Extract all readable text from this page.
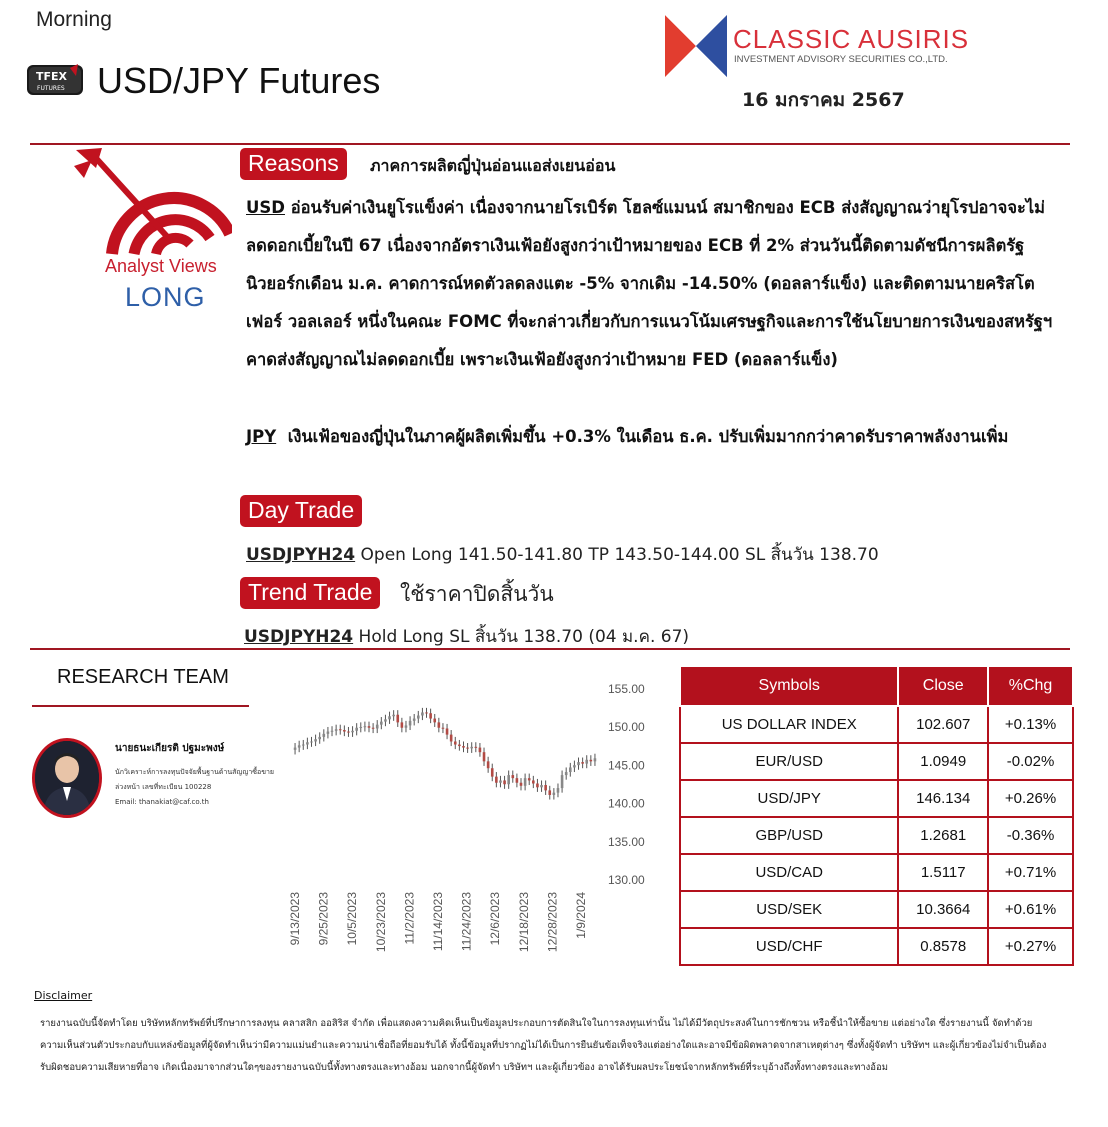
Morning
TFEX
FUTURES USD/JPY Futures
CLASSIC AUSIRIS
INVESTMENT ADVISORY SECURITIES CO.,LTD.
16 มกราคม 2567
Analyst Views
LONG
Reasons	ภาคการผลิตญี่ปุ่นอ่อนแอส่งเยนอ่อน
USD อ่อนรับค่าเงินยูโรแข็งค่า เนื่องจากนายโรเบิร์ต โฮลซ์แมนน์ สมาชิกของ ECB ส่งสัญญาณว่ายุโรปอาจจะไม่ลดดอกเบี้ยในปี 67 เนื่องจากอัตราเงินเฟ้อยังสูงกว่าเป้าหมายของ ECB ที่ 2% ส่วนวันนี้ติดตามดัชนีการผลิตรัฐนิวยอร์กเดือน ม.ค. คาดการณ์หดตัวลดลงแตะ -5% จากเดิม -14.50% (ดอลลาร์แข็ง) และติดตามนายคริสโตเฟอร์ วอลเลอร์ หนึ่งในคณะ FOMC ที่จะกล่าวเกี่ยวกับการแนวโน้มเศรษฐกิจและการใช้นโยบายการเงินของสหรัฐฯคาดส่งสัญญาณไม่ลดดอกเบี้ย เพราะเงินเฟ้อยังสูงกว่าเป้าหมาย FED (ดอลลาร์แข็ง)
JPY เงินเฟ้อของญี่ปุ่นในภาคผู้ผลิตเพิ่มขึ้น +0.3% ในเดือน ธ.ค. ปรับเพิ่มมากกว่าคาดรับราคาพลังงานเพิ่ม
Day Trade
USDJPYH24 Open Long 141.50-141.80 TP 143.50-144.00 SL สิ้นวัน 138.70
Trend Trade	ใช้ราคาปิดสิ้นวัน
USDJPYH24 Hold Long SL สิ้นวัน 138.70 (04 ม.ค. 67)
RESEARCH TEAM
นายธนะเกียรติ ปฐมะพงษ์
นักวิเคราะห์การลงทุนปัจจัยพื้นฐานด้านสัญญาซื้อขายล่วงหน้า เลขที่ทะเบียน 100228
Email: thanakiat@caf.co.th
155.00
150.00
145.00
140.00
135.00
130.00
9/13/2023 9/25/2023 10/5/2023 10/23/2023 11/2/2023 11/14/2023 11/24/2023 12/6/2023 12/18/2023 12/28/2023 1/9/2024
Symbols	Close	%Chg
US DOLLAR INDEX	102.607	+0.13%
EUR/USD	1.0949	-0.02%
USD/JPY	146.134	+0.26%
GBP/USD	1.2681	-0.36%
USD/CAD	1.5117	+0.71%
USD/SEK	10.3664	+0.61%
USD/CHF	0.8578	+0.27%
Disclaimer
รายงานฉบับนี้จัดทำโดย บริษัทหลักทรัพย์ที่ปรึกษาการลงทุน คลาสสิก ออสิริส จำกัด เพื่อแสดงความคิดเห็นเป็นข้อมูลประกอบการตัดสินใจในการลงทุนเท่านั้น ไม่ได้มีวัตถุประสงค์ในการชักชวน หรือชี้นำให้ซื้อขาย แต่อย่างใด ซึ่งรายงานนี้ จัดทำด้วยความเห็นส่วนตัวประกอบกับแหล่งข้อมูลที่ผู้จัดทำเห็นว่ามีความแม่นยำและความน่าเชื่อถือที่ยอมรับได้ ทั้งนี้ข้อมูลที่ปรากฏไม่ได้เป็นการยืนยันข้อเท็จจริงแต่อย่างใดและอาจมีข้อผิดพลาดจากสาเหตุต่างๆ ซึ่งทั้งผู้จัดทำ บริษัทฯ และผู้เกี่ยวข้องไม่จำเป็นต้องรับผิดชอบความเสียหายที่อาจ เกิดเนื่องมาจากส่วนใดๆของรายงานฉบับนี้ทั้งทางตรงและทางอ้อม นอกจากนี้ผู้จัดทำ บริษัทฯ และผู้เกี่ยวข้อง อาจได้รับผลประโยชน์จากหลักทรัพย์ที่ระบุอ้างถึงทั้งทางตรงและทางอ้อม
